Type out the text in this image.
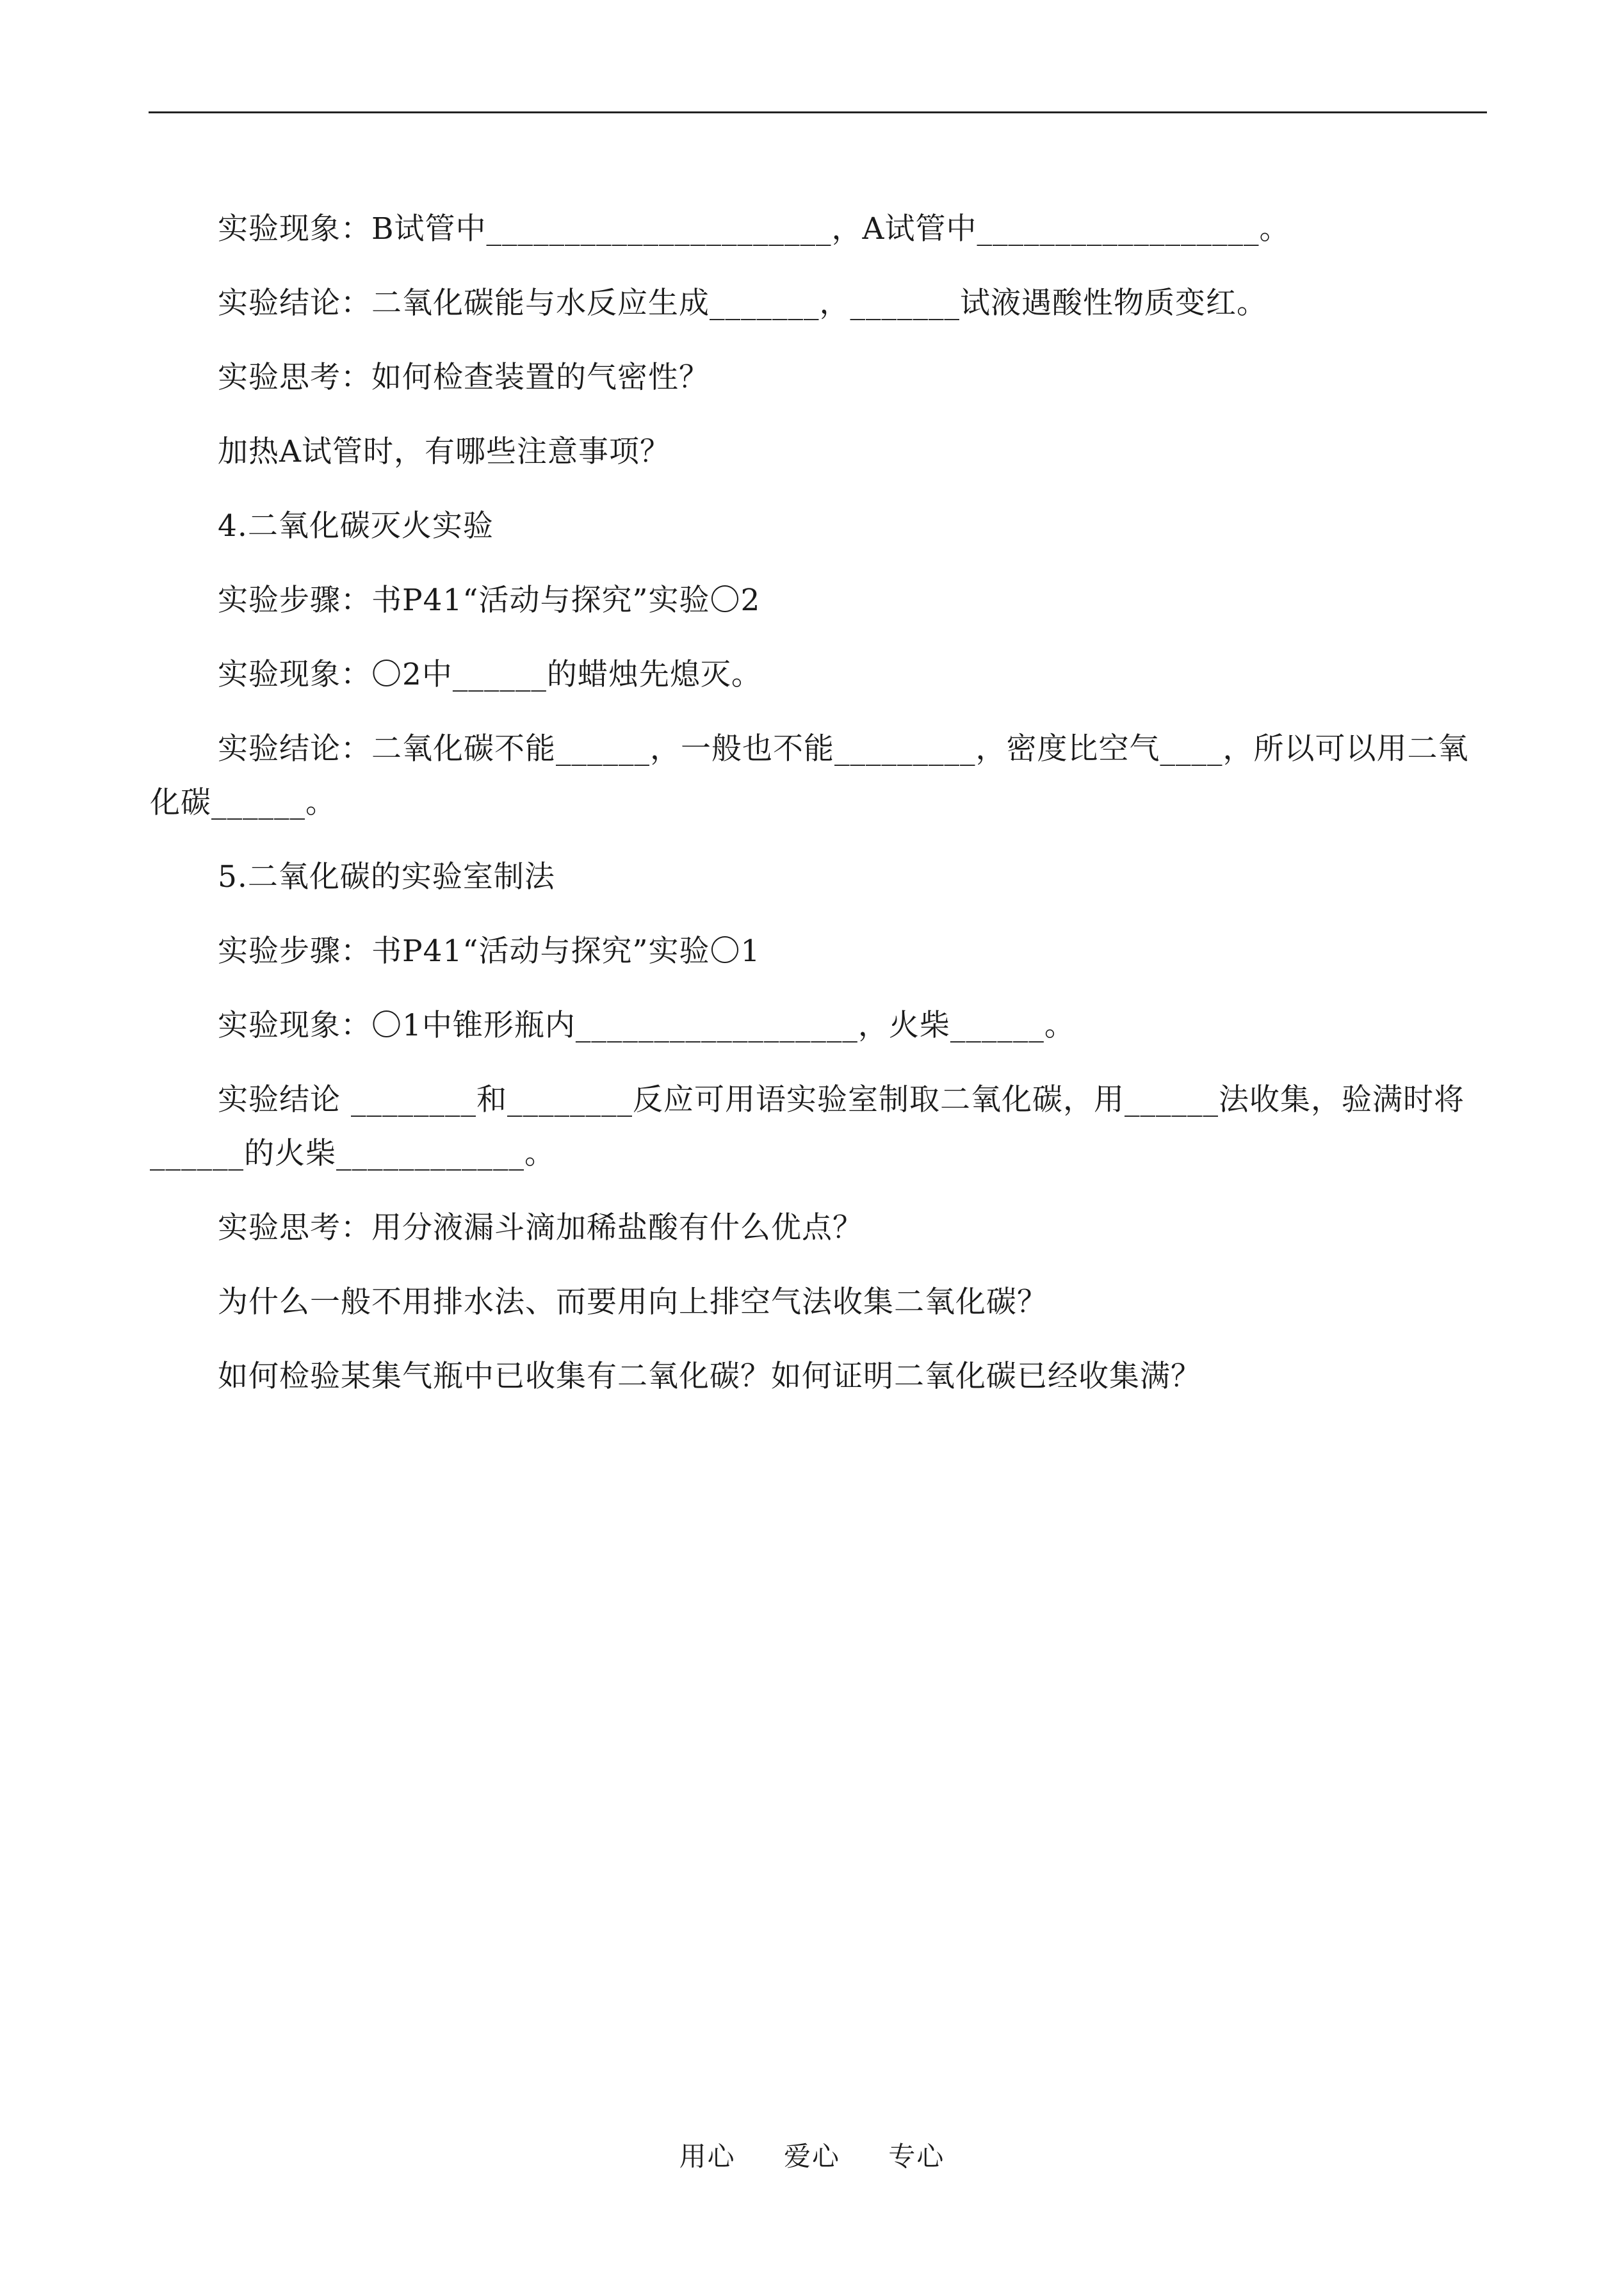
实验现象：B试管中______________________，A试管中__________________。

实验结论：二氧化碳能与水反应生成_______，_______试液遇酸性物质变红。

实验思考：如何检查装置的气密性？

加热A试管时，有哪些注意事项？

4.二氧化碳灭火实验

实验步骤：书P41“活动与探究”实验〇2

实验现象：〇2中______的蜡烛先熄灭。

实验结论：二氧化碳不能______，一般也不能_________，密度比空气____，所以可以用二氧化碳______。

5.二氧化碳的实验室制法

实验步骤：书P41“活动与探究”实验〇1

实验现象：〇1中锥形瓶内__________________，火柴______。

实验结论 ________和________反应可用语实验室制取二氧化碳，用______法收集，验满时将______的火柴____________。

实验思考：用分液漏斗滴加稀盐酸有什么优点？

为什么一般不用排水法、而要用向上排空气法收集二氧化碳？

如何检验某集气瓶中已收集有二氧化碳？如何证明二氧化碳已经收集满？

用心 爱心 专心
